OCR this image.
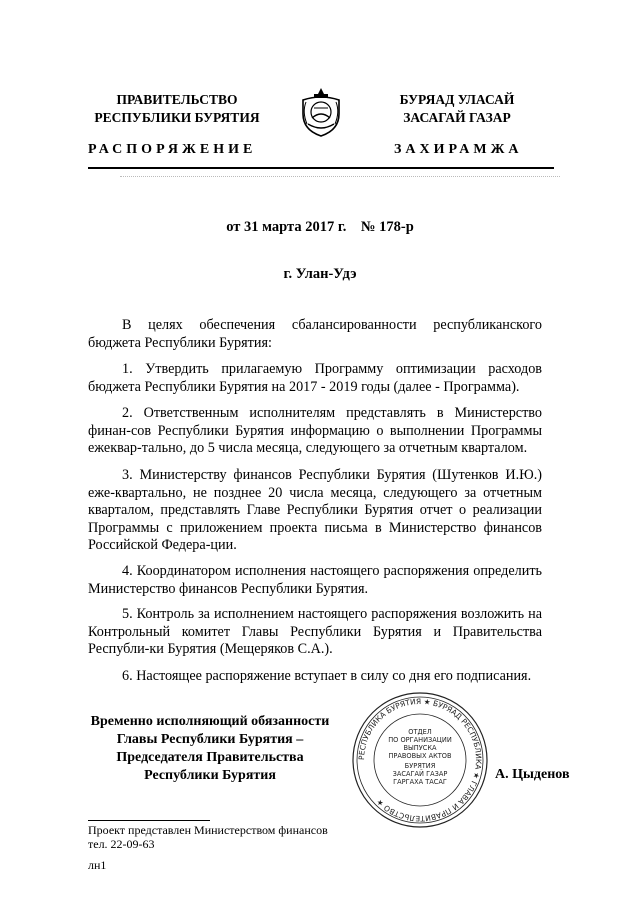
ПРАВИТЕЛЬСТВО
РЕСПУБЛИКИ БУРЯТИЯ
БУРЯАД УЛАСАЙ
ЗАСАГАЙ ГАЗАР
РАСПОРЯЖЕНИЕ	ЗАХИРАМЖА
от 31 марта 2017 г.    № 178-р
г. Улан-Удэ
В целях обеспечения сбалансированности республиканского бюджета Республики Бурятия:
1. Утвердить прилагаемую Программу оптимизации расходов бюджета Республики Бурятия на 2017 - 2019 годы (далее - Программа).
2. Ответственным исполнителям представлять в Министерство финан-сов Республики Бурятия информацию о выполнении Программы ежеквар-тально, до 5 числа месяца, следующего за отчетным кварталом.
3. Министерству финансов Республики Бурятия (Шутенков И.Ю.) еже-квартально, не позднее 20 числа месяца, следующего за отчетным кварталом, представлять Главе Республики Бурятия отчет о реализации Программы с приложением проекта письма в Министерство финансов Российской Федера-ции.
4. Координатором исполнения настоящего распоряжения определить Министерство финансов Республики Бурятия.
5. Контроль за исполнением настоящего распоряжения возложить на Контрольный комитет Главы Республики Бурятия и Правительства Республи-ки Бурятия (Мещеряков С.А.).
6. Настоящее распоряжение вступает в силу со дня его подписания.
Временно исполняющий обязанности
Главы Республики Бурятия –
Председателя Правительства
Республики Бурятия
РЕСПУБЛИКА БУРЯТИЯ ★ БУРЯАД РЕСПУБЛИКА ★ ГЛАВА И ПРАВИТЕЛЬСТВО ★
ОТДЕЛ
ПО ОРГАНИЗАЦИИ
ВЫПУСКА
ПРАВОВЫХ АКТОВ
БУРЯТИЯ
ЗАСАГАЙ ГАЗАР
ГАРГАХА ТАСАГ	А. Цыденов
Проект представлен Министерством финансов
тел. 22-09-63
лн1
